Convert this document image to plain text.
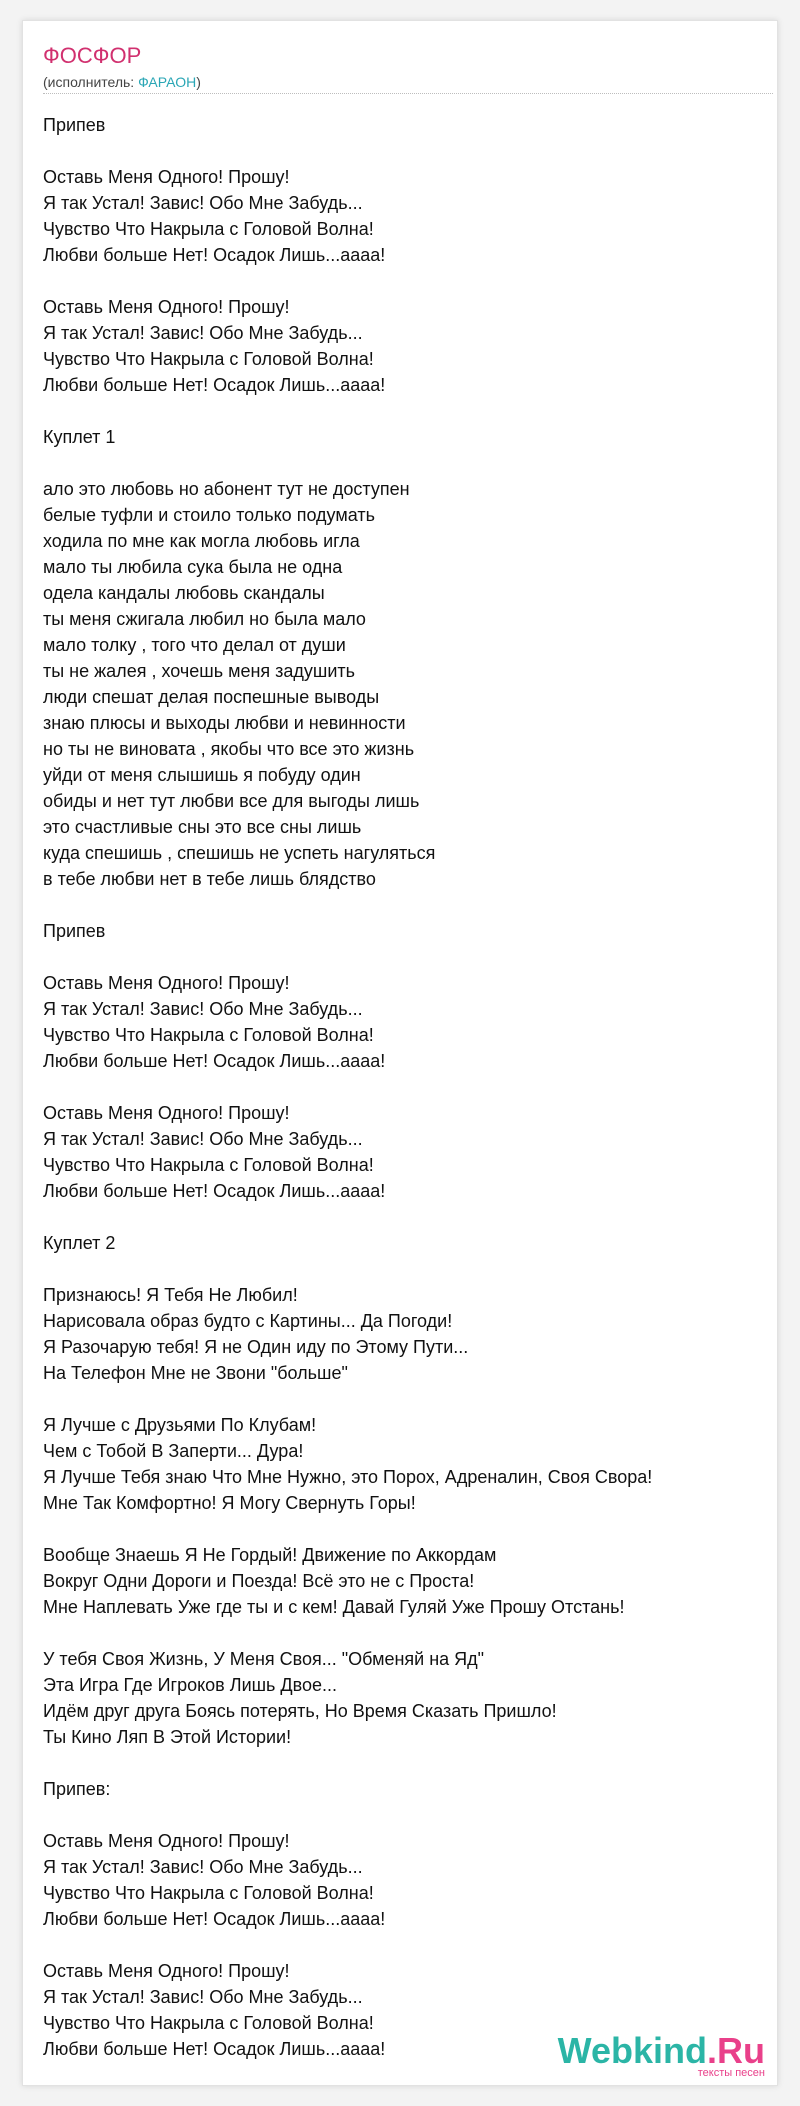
ФОСФОР
(исполнитель: ФАРАОН)
Припев
Оставь Меня Одного! Прошу!
Я так Устал! Завис! Обо Мне Забудь...
Чувство Что Накрыла с Головой Волна!
Любви больше Нет! Осадок Лишь...аааа!
Оставь Меня Одного! Прошу!
Я так Устал! Завис! Обо Мне Забудь...
Чувство Что Накрыла с Головой Волна!
Любви больше Нет! Осадок Лишь...аааа!
Куплет 1
ало это любовь но абонент тут не доступен
белые туфли и стоило только подумать
ходила по мне как могла любовь игла
мало ты любила сука была не одна
одела кандалы любовь скандалы
ты меня сжигала любил но была мало
мало толку , того что делал от души
ты не жалея , хочешь меня задушить
люди спешат делая поспешные выводы
знаю плюсы и выходы любви и невинности
но ты не виновата , якобы что все это жизнь
уйди от меня слышишь я побуду один
обиды и нет тут любви все для выгоды лишь
это счастливые сны это все сны лишь
куда спешишь , спешишь не успеть нагуляться
в тебе любви нет в тебе лишь блядство
Припев
Оставь Меня Одного! Прошу!
Я так Устал! Завис! Обо Мне Забудь...
Чувство Что Накрыла с Головой Волна!
Любви больше Нет! Осадок Лишь...аааа!
Оставь Меня Одного! Прошу!
Я так Устал! Завис! Обо Мне Забудь...
Чувство Что Накрыла с Головой Волна!
Любви больше Нет! Осадок Лишь...аааа!
Куплет 2
Признаюсь! Я Тебя Не Любил!
Нарисовала образ будто с Картины... Да Погоди!
Я Разочарую тебя! Я не Один иду по Этому Пути...
На Телефон Мне не Звони "больше"
Я Лучше с Друзьями По Клубам!
Чем с Тобой В Заперти... Дура!
Я Лучше Тебя знаю Что Мне Нужно, это Порох, Адреналин, Своя Свора!
Мне Так Комфортно! Я Могу Свернуть Горы!
Вообще Знаешь Я Не Гордый! Движение по Аккордам
Вокруг Одни Дороги и Поезда! Всё это не с Проста!
Мне Наплевать Уже где ты и с кем! Давай Гуляй Уже Прошу Отстань!
У тебя Своя Жизнь, У Меня Своя... "Обменяй на Яд"
Эта Игра Где Игроков Лишь Двое...
Идём друг друга Боясь потерять, Но Время Сказать Пришло!
Ты Кино Ляп В Этой Истории!
Припев:
Оставь Меня Одного! Прошу!
Я так Устал! Завис! Обо Мне Забудь...
Чувство Что Накрыла с Головой Волна!
Любви больше Нет! Осадок Лишь...аааа!
Оставь Меня Одного! Прошу!
Я так Устал! Завис! Обо Мне Забудь...
Чувство Что Накрыла с Головой Волна!
Любви больше Нет! Осадок Лишь...аааа!	Webkind.Ru
тексты песен
